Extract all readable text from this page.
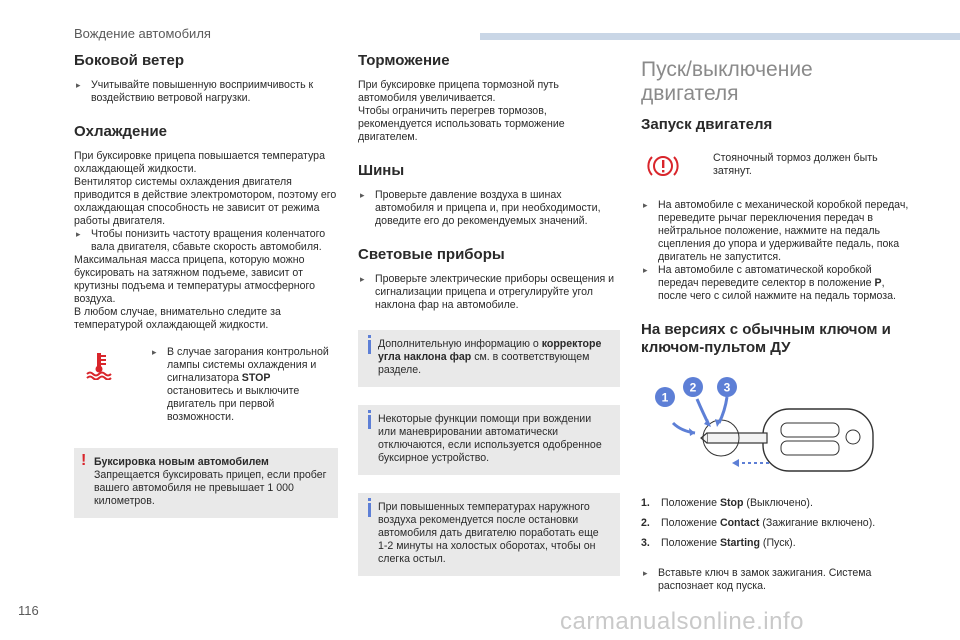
Вождение автомобиля
Боковой ветер
▸ Учитывайте повышенную восприимчивость к воздействию ветровой нагрузки.
Охлаждение

При буксировке прицепа повышается температура охлаждающей жидкости.

Вентилятор системы охлаждения двигателя приводится в действие электромотором, поэтому его охлаждающая способность не зависит от режима работы двигателя.

▸ Чтобы понизить частоту вращения коленчатого вала двигателя, сбавьте скорость автомобиля.

Максимальная масса прицепа, которую можно буксировать на затяжном подъеме, зависит от крутизны подъема и температуры атмосферного воздуха.

В любом случае, внимательно следите за температурой охлаждающей жидкости.

▸ В случае загорания контрольной лампы системы охлаждения и сигнализатора STOP остановитесь и выключите двигатель при первой возможности.
! Буксировка новым автомобилем

Запрещается буксировать прицеп, если пробег вашего автомобиля не превышает 1 000 километров.

Торможение

При буксировке прицепа тормозной путь автомобиля увеличивается.

Чтобы ограничить перегрев тормозов, рекомендуется использовать торможение двигателем.

Шины
▸ Проверьте давление воздуха в шинах автомобиля и прицепа и, при необходимости, доведите его до рекомендуемых значений.
Световые приборы
▸ Проверьте электрические приборы освещения и сигнализации прицепа и отрегулируйте угол наклона фар на автомобиле.

Дополнительную информацию о корректоре угла наклона фар см. в соответствующем разделе.

Некоторые функции помощи при вождении или маневрировании автоматически отключаются, если используется одобренное буксирное устройство.

При повышенных температурах наружного воздуха рекомендуется после остановки автомобиля дать двигателю поработать еще 1-2 минуты на холостых оборотах, чтобы он слегка остыл.

Пуск/выключение двигателя
Запуск двигателя

Стояночный тормоз должен быть затянут.

▸ На автомобиле с механической коробкой передач, переведите рычаг переключения передач в нейтральное положение, нажмите на педаль сцепления до упора и удерживайте педаль, пока двигатель не запустится.
▸ На автомобиле с автоматической коробкой передач переведите селектор в положение P, после чего с силой нажмите на педаль тормоза.
На версиях с обычным ключом и ключом-пультом ДУ
1
2 3
1.	Положение Stop (Выключено).
2.	Положение Contact (Зажигание включено).
3.	Положение Starting (Пуск).
▸ Вставьте ключ в замок зажигания. Система распознает код пуска.
116	carmanualsonline.info
